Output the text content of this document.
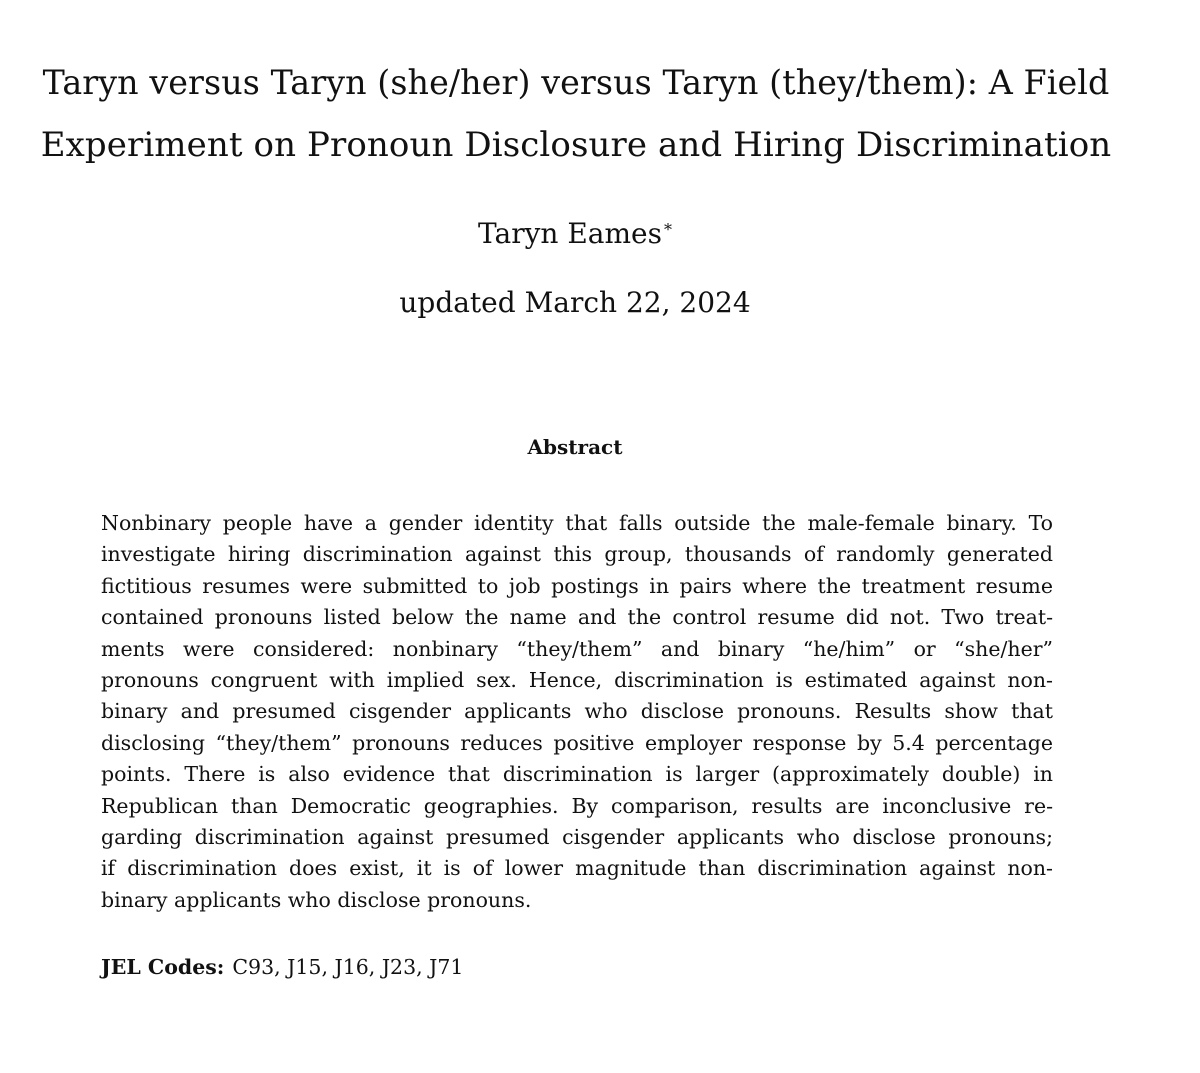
Taryn versus Taryn (she/her) versus Taryn (they/them): A Field
Experiment on Pronoun Disclosure and Hiring Discrimination
Taryn Eames *
updated March 22, 2024
Abstract
Nonbinary people have a gender identity that falls outside the male-female binary. To
investigate hiring discrimination against this group, thousands of randomly generated
fictitious resumes were submitted to job postings in pairs where the treatment resume
contained pronouns listed below the name and the control resume did not. Two treat-
ments were considered: nonbinary “they/them” and binary “he/him” or “she/her”
pronouns congruent with implied sex. Hence, discrimination is estimated against non-
binary and presumed cisgender applicants who disclose pronouns. Results show that
disclosing “they/them” pronouns reduces positive employer response by 5.4 percentage
points. There is also evidence that discrimination is larger (approximately double) in
Republican than Democratic geographies. By comparison, results are inconclusive re-
garding discrimination against presumed cisgender applicants who disclose pronouns;
if discrimination does exist, it is of lower magnitude than discrimination against non-
binary applicants who disclose pronouns.
JEL Codes: C93, J15, J16, J23, J71
